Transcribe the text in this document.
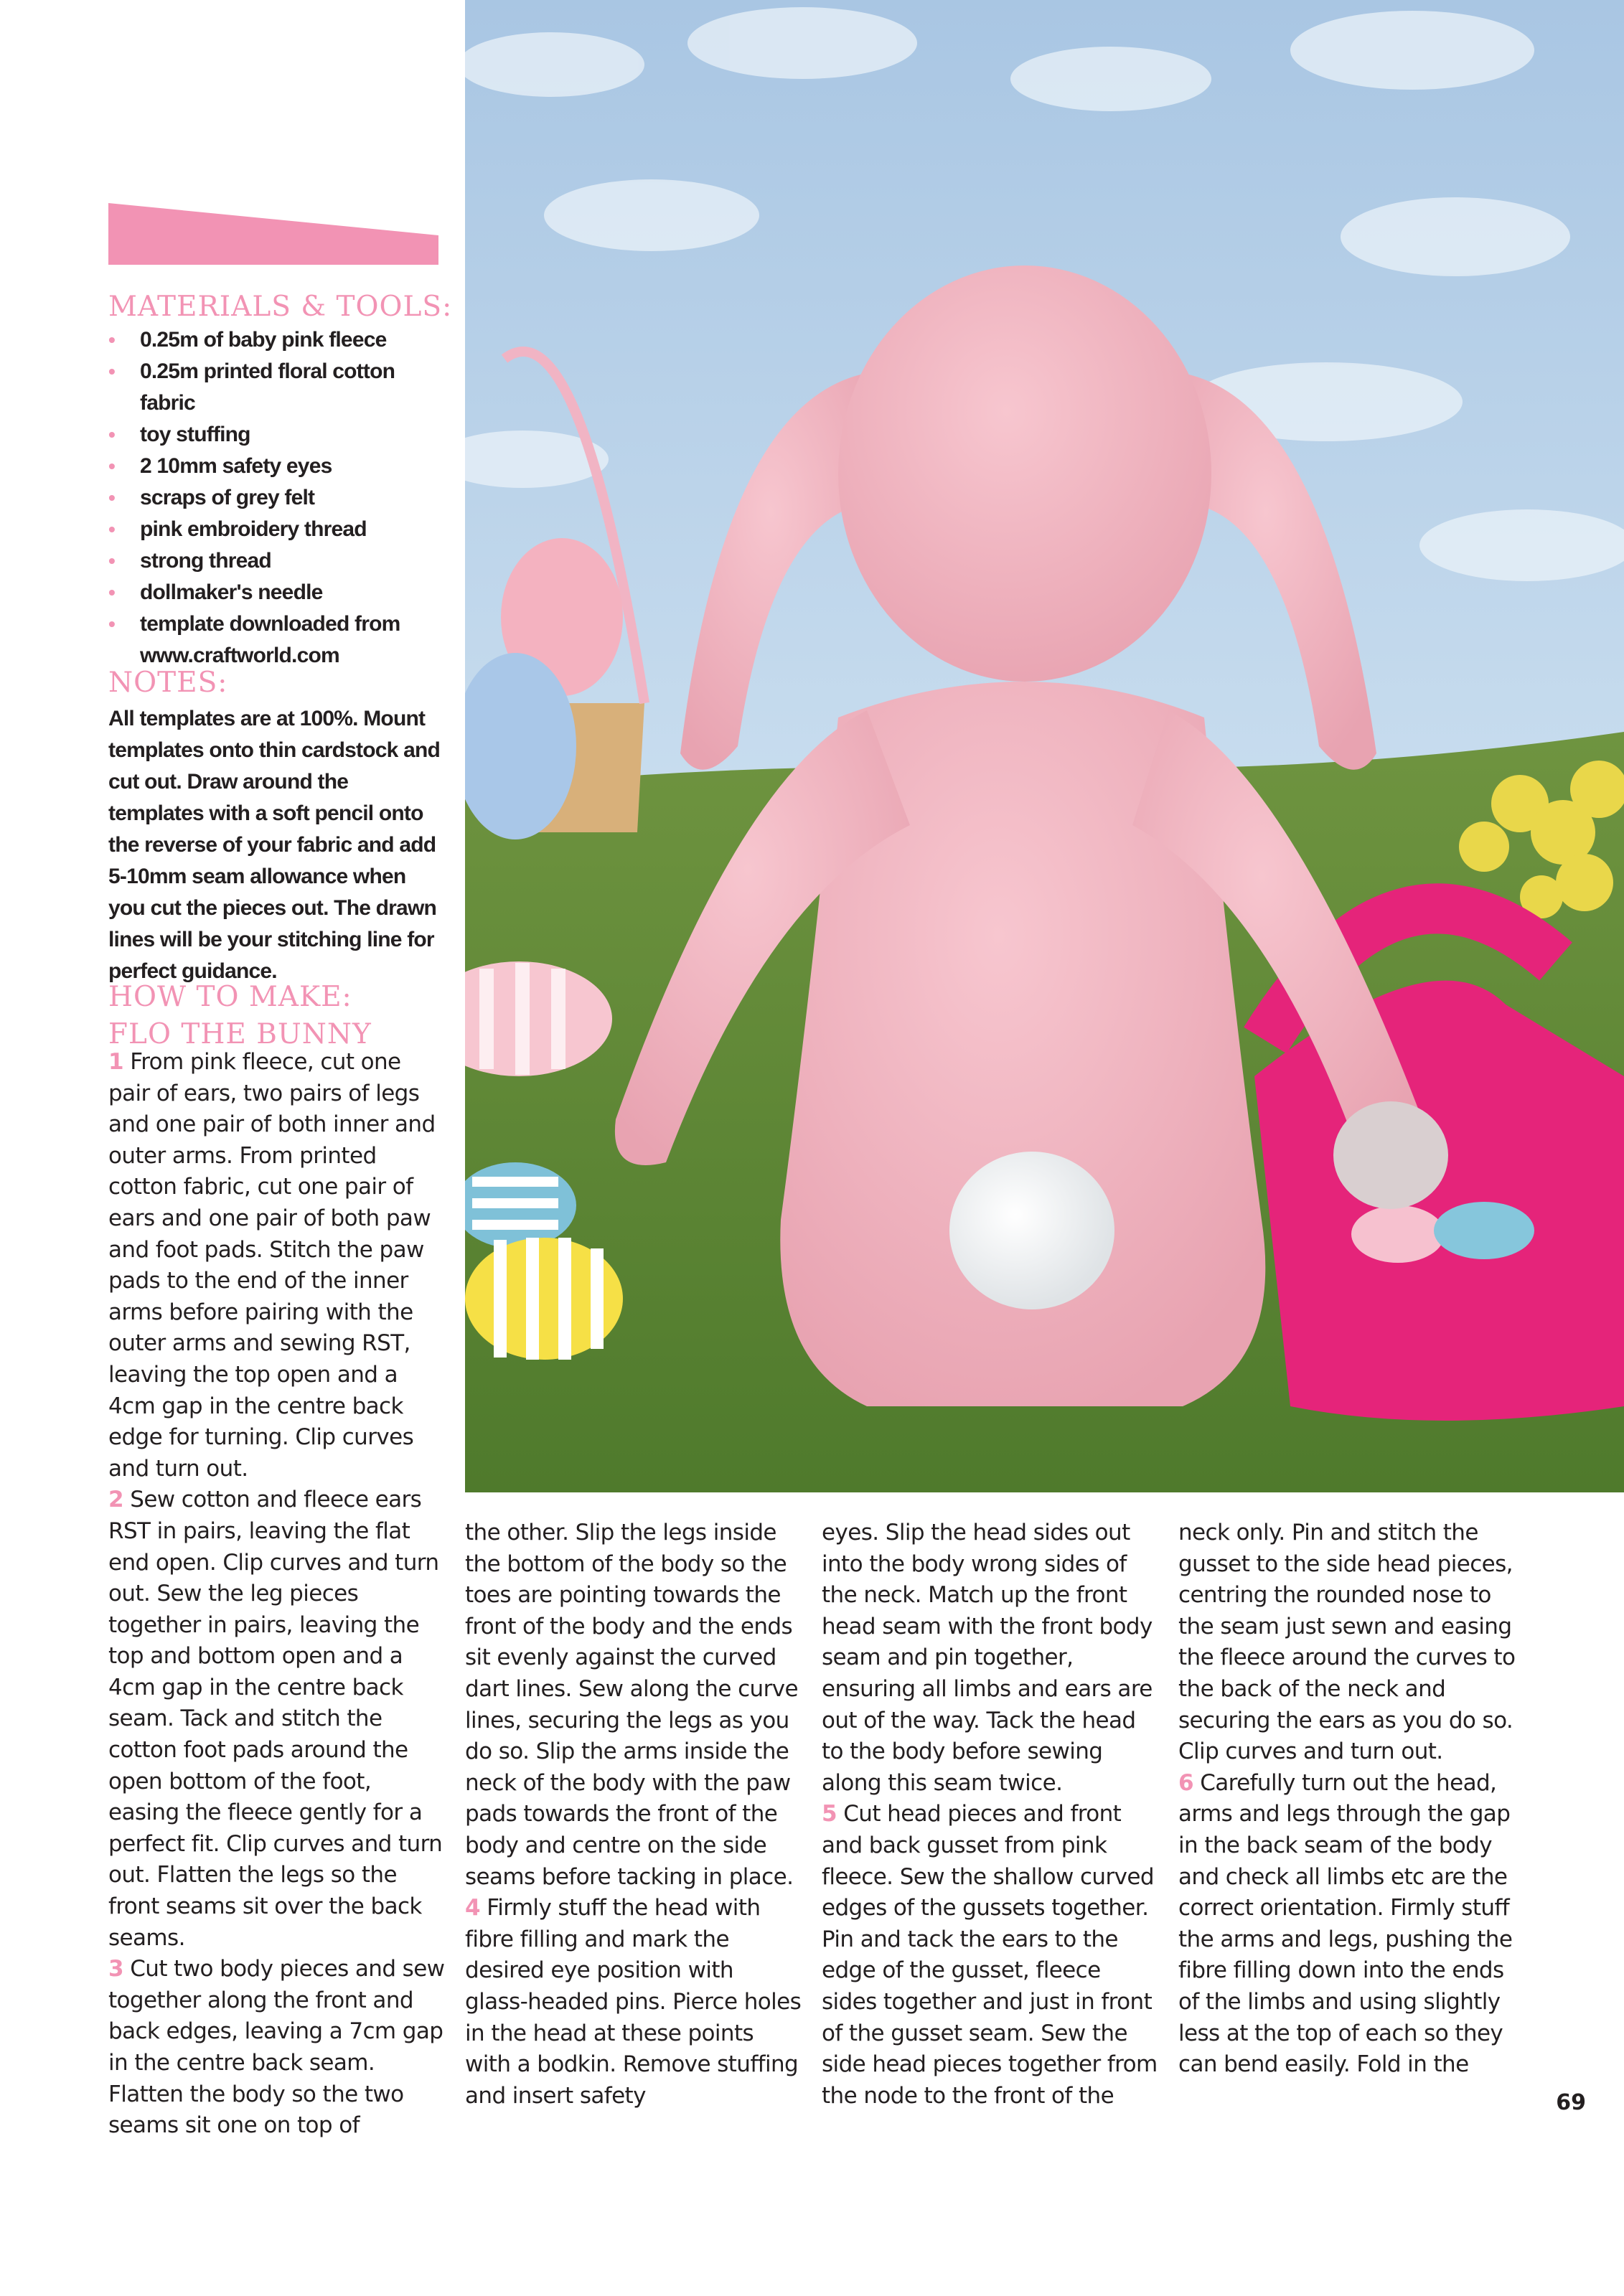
MATERIALS & TOOLS:
• 0.25m of baby pink fleece
• 0.25m printed floral cotton fabric
• toy stuffing
• 2 10mm safety eyes
• scraps of grey felt
• pink embroidery thread
• strong thread
• dollmaker's needle
• template downloaded from
www.craftworld.com
NOTES:

All templates are at 100%. Mount templates onto thin cardstock and cut out. Draw around the templates with a soft pencil onto the reverse of your fabric and add 5-10mm seam allowance when you cut the pieces out. The drawn lines will be your stitching line for perfect guidance.

HOW TO MAKE:
FLO THE BUNNY

1 From pink fleece, cut one pair of ears, two pairs of legs and one pair of both inner and outer arms. From printed cotton fabric, cut one pair of ears and one pair of both paw and foot pads. Stitch the paw pads to the end of the inner arms before pairing with the outer arms and sewing RST, leaving the top open and a 4cm gap in the centre back edge for turning. Clip curves and turn out.

2 Sew cotton and fleece ears RST in pairs, leaving the flat end open. Clip curves and turn out. Sew the leg pieces together in pairs, leaving the top and bottom open and a 4cm gap in the centre back seam. Tack and stitch the cotton foot pads around the open bottom of the foot, easing the fleece gently for a perfect fit. Clip curves and turn out. Flatten the legs so the front seams sit over the back seams.

3 Cut two body pieces and sew together along the front and back edges, leaving a 7cm gap in the centre back seam. Flatten the body so the two seams sit one on top of

the other. Slip the legs inside the bottom of the body so the toes are pointing towards the front of the body and the ends sit evenly against the curved dart lines. Sew along the curve lines, securing the legs as you do so. Slip the arms inside the neck of the body with the paw pads towards the front of the body and centre on the side seams before tacking in place.

4 Firmly stuff the head with fibre filling and mark the desired eye position with glass-headed pins. Pierce holes in the head at these points with a bodkin. Remove stuffing and insert safety

eyes. Slip the head sides out into the body wrong sides of the neck. Match up the front head seam with the front body seam and pin together, ensuring all limbs and ears are out of the way. Tack the head to the body before sewing along this seam twice.

5 Cut head pieces and front and back gusset from pink fleece. Sew the shallow curved edges of the gussets together. Pin and tack the ears to the edge of the gusset, fleece sides together and just in front of the gusset seam. Sew the side head pieces together from the node to the front of the

neck only. Pin and stitch the gusset to the side head pieces, centring the rounded nose to the seam just sewn and easing the fleece around the curves to the back of the neck and securing the ears as you do so. Clip curves and turn out.

6 Carefully turn out the head, arms and legs through the gap in the back seam of the body and check all limbs etc are the correct orientation. Firmly stuff the arms and legs, pushing the fibre filling down into the ends of the limbs and using slightly less at the top of each so they can bend easily. Fold in the

69
